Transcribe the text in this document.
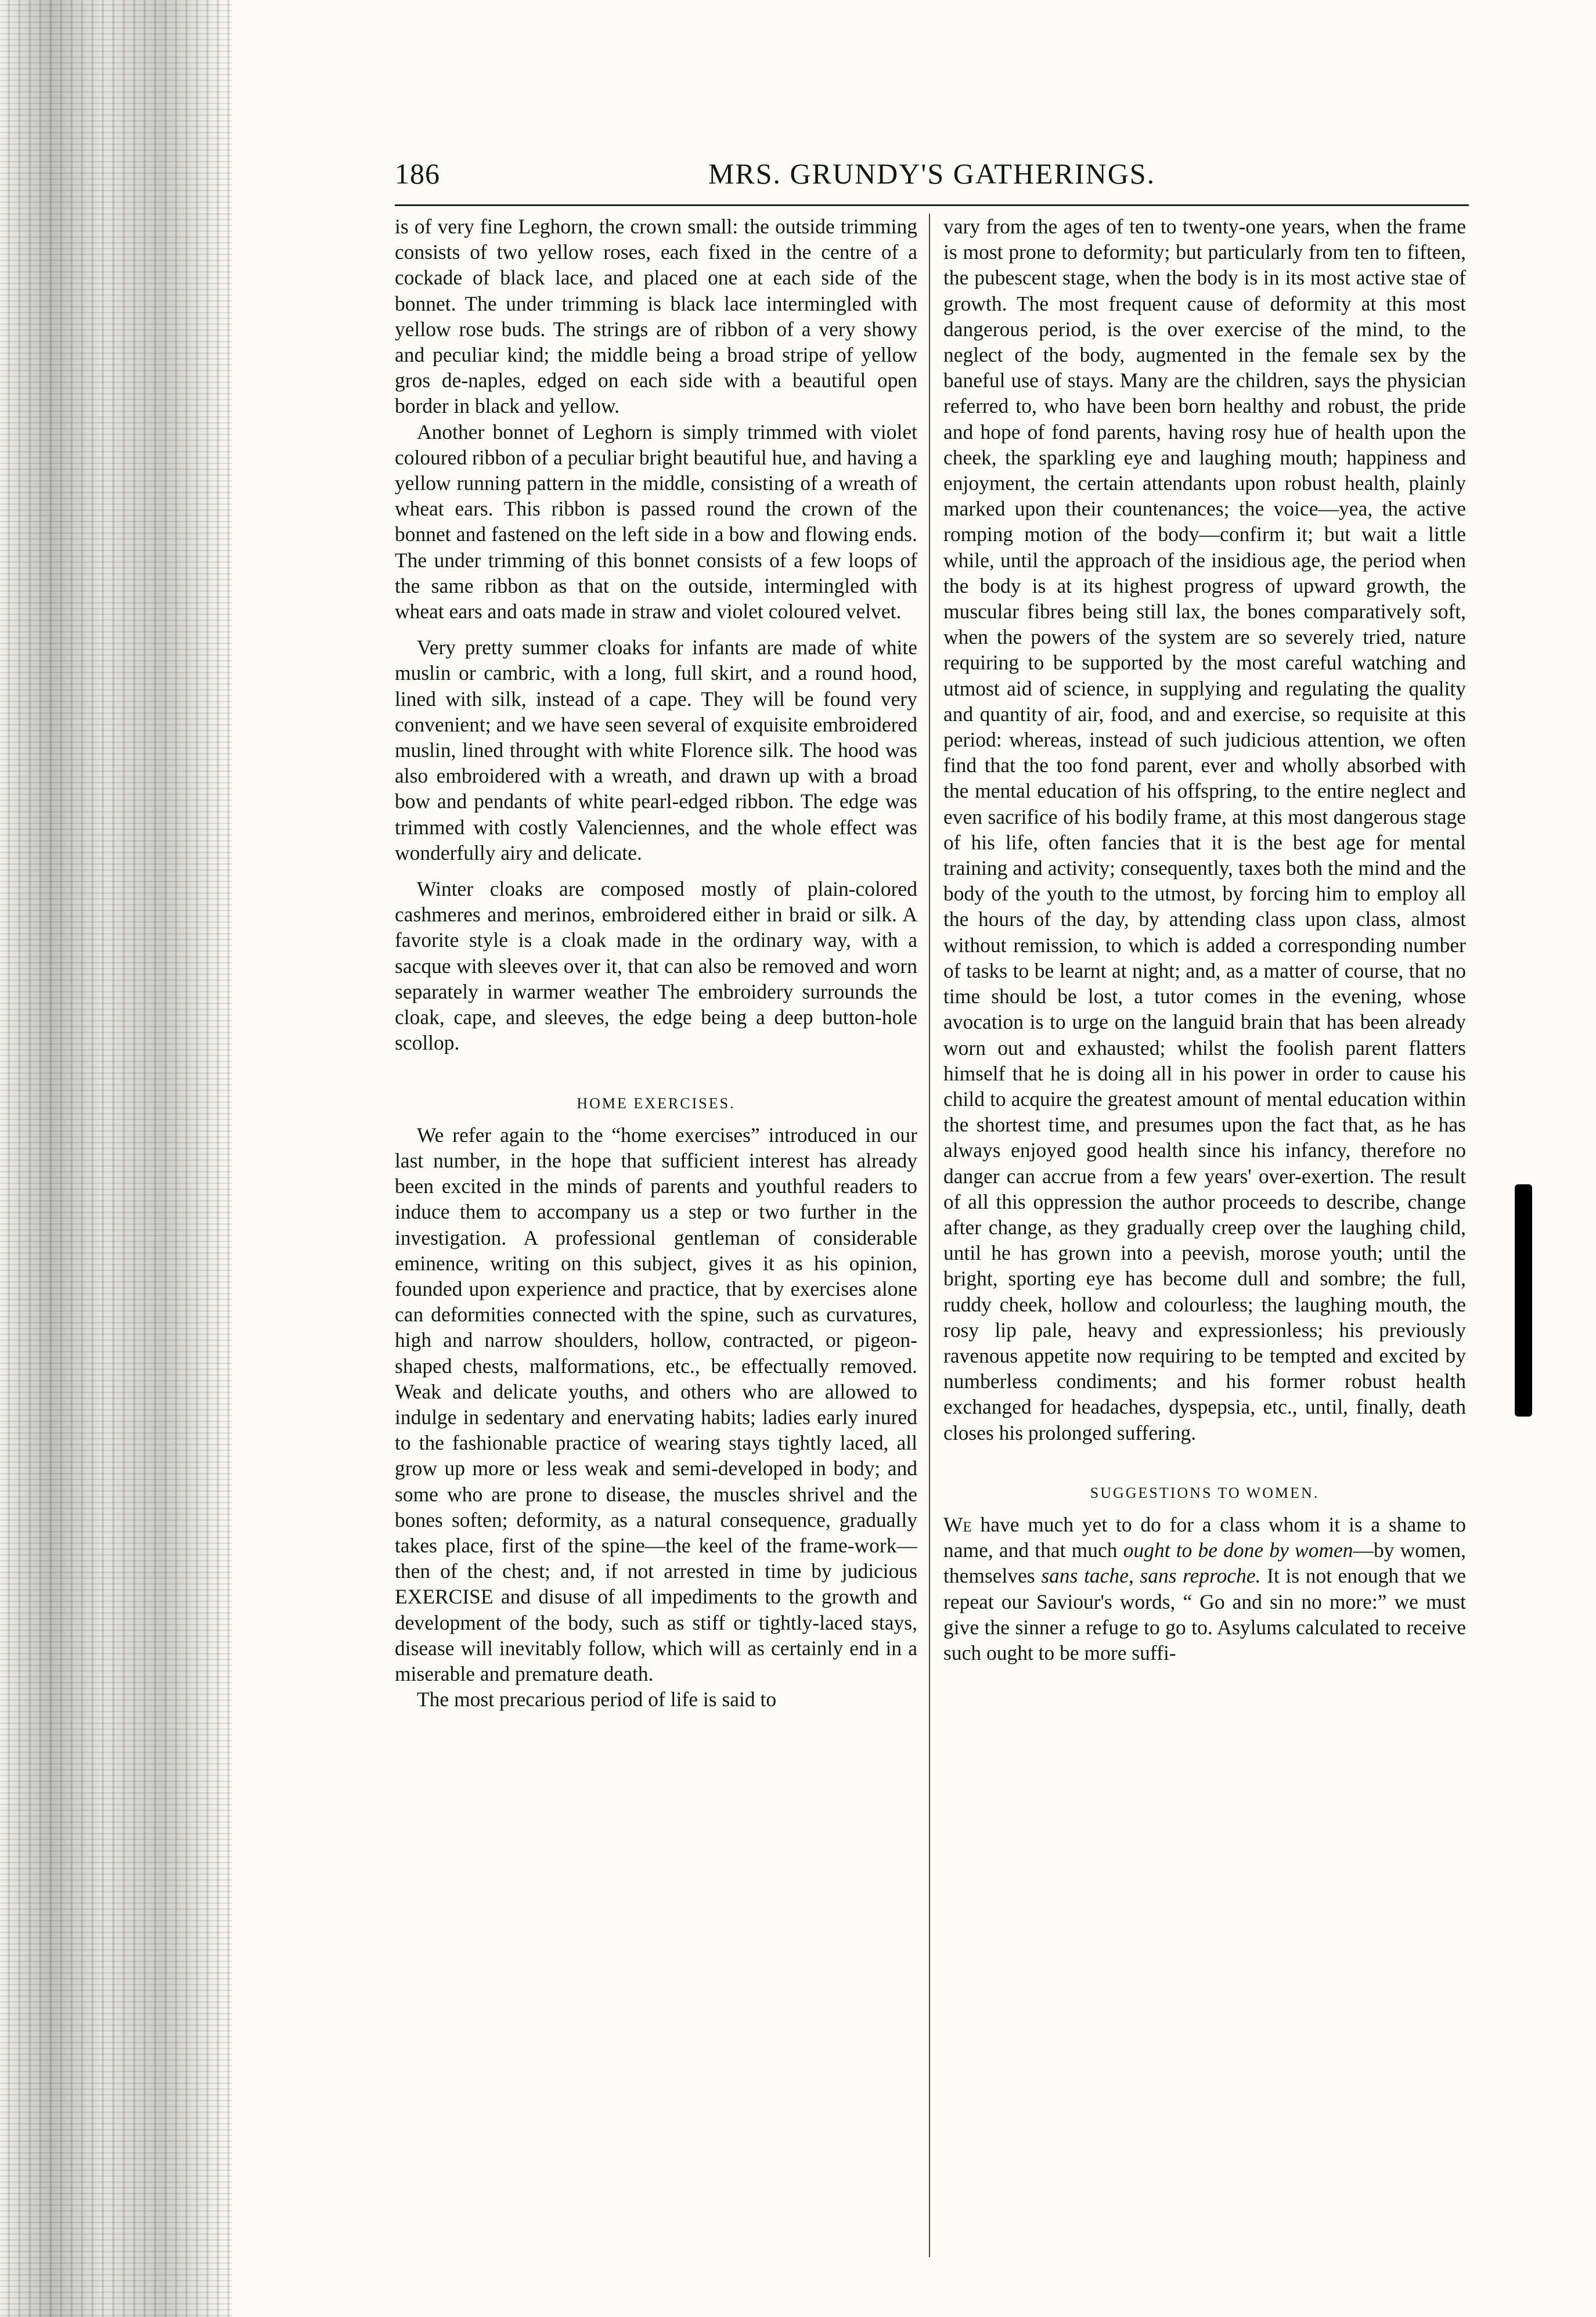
MRS. GRUNDY'S GATHERINGS.
186

is of very fine Leghorn, the crown small: the outside trimming consists of two yellow roses, each fixed in the centre of a cockade of black lace, and placed one at each side of the bonnet. The under trimming is black lace intermingled with yellow rose buds. The strings are of ribbon of a very showy and peculiar kind; the middle being a broad stripe of yellow gros de-naples, edged on each side with a beautiful open border in black and yellow.

Another bonnet of Leghorn is simply trimmed with violet coloured ribbon of a peculiar bright beautiful hue, and having a yellow running pattern in the middle, consisting of a wreath of wheat ears. This ribbon is passed round the crown of the bonnet and fastened on the left side in a bow and flowing ends. The under trimming of this bonnet consists of a few loops of the same ribbon as that on the outside, intermingled with wheat ears and oats made in straw and violet coloured velvet.

Very pretty summer cloaks for infants are made of white muslin or cambric, with a long, full skirt, and a round hood, lined with silk, instead of a cape. They will be found very convenient; and we have seen several of exquisite embroidered muslin, lined throught with white Florence silk. The hood was also embroidered with a wreath, and drawn up with a broad bow and pendants of white pearl-edged ribbon. The edge was trimmed with costly Valenciennes, and the whole effect was wonderfully airy and delicate.

Winter cloaks are composed mostly of plain-colored cashmeres and merinos, embroidered either in braid or silk. A favorite style is a cloak made in the ordinary way, with a sacque with sleeves over it, that can also be removed and worn separately in warmer weather The embroidery surrounds the cloak, cape, and sleeves, the edge being a deep button-hole scollop.

HOME EXERCISES.

We refer again to the “home exercises” introduced in our last number, in the hope that sufficient interest has already been excited in the minds of parents and youthful readers to induce them to accompany us a step or two further in the investigation. A professional gentleman of considerable eminence, writing on this subject, gives it as his opinion, founded upon experience and practice, that by exercises alone can deformities connected with the spine, such as curvatures, high and narrow shoulders, hollow, contracted, or pigeon-shaped chests, malformations, etc., be effectually removed. Weak and delicate youths, and others who are allowed to indulge in sedentary and enervating habits; ladies early inured to the fashionable practice of wearing stays tightly laced, all grow up more or less weak and semi-developed in body; and some who are prone to disease, the muscles shrivel and the bones soften; deformity, as a natural consequence, gradually takes place, first of the spine—the keel of the frame-work—then of the chest; and, if not arrested in time by judicious EXERCISE and disuse of all impediments to the growth and development of the body, such as stiff or tightly-laced stays, disease will inevitably follow, which will as certainly end in a miserable and premature death.

The most precarious period of life is said to

vary from the ages of ten to twenty-one years, when the frame is most prone to deformity; but particularly from ten to fifteen, the pubescent stage, when the body is in its most active stae of growth. The most frequent cause of deformity at this most dangerous period, is the over exercise of the mind, to the neglect of the body, augmented in the female sex by the baneful use of stays. Many are the children, says the physician referred to, who have been born healthy and robust, the pride and hope of fond parents, having rosy hue of health upon the cheek, the sparkling eye and laughing mouth; happiness and enjoyment, the certain attendants upon robust health, plainly marked upon their countenances; the voice—yea, the active romping motion of the body—confirm it; but wait a little while, until the approach of the insidious age, the period when the body is at its highest progress of upward growth, the muscular fibres being still lax, the bones comparatively soft, when the powers of the system are so severely tried, nature requiring to be supported by the most careful watching and utmost aid of science, in supplying and regulating the quality and quantity of air, food, and and exercise, so requisite at this period: whereas, instead of such judicious attention, we often find that the too fond parent, ever and wholly absorbed with the mental education of his offspring, to the entire neglect and even sacrifice of his bodily frame, at this most dangerous stage of his life, often fancies that it is the best age for mental training and activity; consequently, taxes both the mind and the body of the youth to the utmost, by forcing him to employ all the hours of the day, by attending class upon class, almost without remission, to which is added a corresponding number of tasks to be learnt at night; and, as a matter of course, that no time should be lost, a tutor comes in the evening, whose avocation is to urge on the languid brain that has been already worn out and exhausted; whilst the foolish parent flatters himself that he is doing all in his power in order to cause his child to acquire the greatest amount of mental education within the shortest time, and presumes upon the fact that, as he has always enjoyed good health since his infancy, therefore no danger can accrue from a few years' over-exertion. The result of all this oppression the author proceeds to describe, change after change, as they gradually creep over the laughing child, until he has grown into a peevish, morose youth; until the bright, sporting eye has become dull and sombre; the full, ruddy cheek, hollow and colourless; the laughing mouth, the rosy lip pale, heavy and expressionless; his previously ravenous appetite now requiring to be tempted and excited by numberless condiments; and his former robust health exchanged for headaches, dyspepsia, etc., until, finally, death closes his prolonged suffering.

SUGGESTIONS TO WOMEN.

We have much yet to do for a class whom it is a shame to name, and that much ought to be done by women—by women, themselves sans tache, sans reproche. It is not enough that we repeat our Saviour's words, “ Go and sin no more:” we must give the sinner a refuge to go to. Asylums calculated to receive such ought to be more suffi-
